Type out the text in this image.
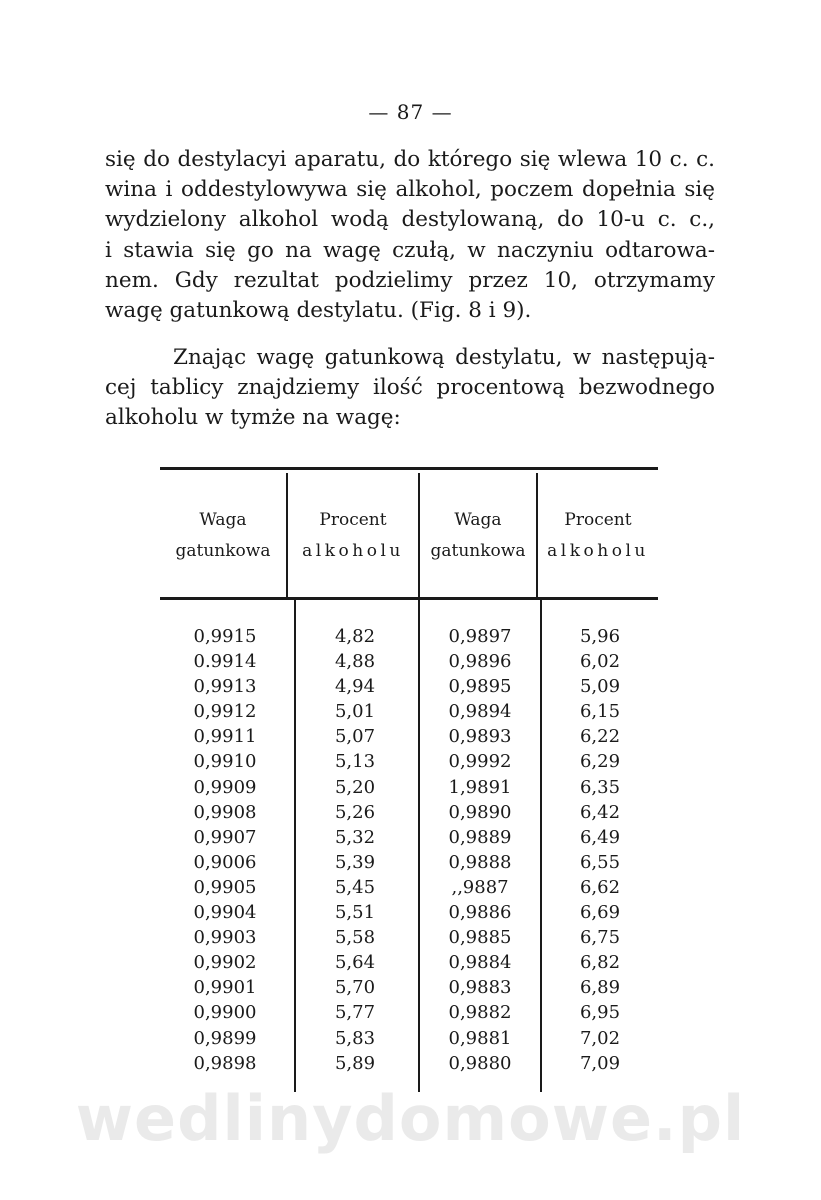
— 87 —
się do destylacyi aparatu, do którego się wlewa 10 c. c.
wina i oddestylowywa się alkohol, poczem dopełnia się
wydzielony alkohol wodą destylowaną, do 10-u c. c.,
i stawia się go na wagę czułą, w naczyniu odtarowa-
nem. Gdy rezultat podzielimy przez 10, otrzymamy
wagę gatunkową destylatu. (Fig. 8 i 9).
Znając wagę gatunkową destylatu, w następują-
cej tablicy znajdziemy ilość procentową bezwodnego
alkoholu w tymże na wagę:
Waga
gatunkowa
Procent
alkoholu
Waga
gatunkowa
Procent
alkoholu
0,9915
0.9914
0,9913
0,9912
0,9911
0,9910
0,9909
0,9908
0,9907
0,9006
0,9905
0,9904
0,9903
0,9902
0,9901
0,9900
0,9899
0,9898
4,82
4,88
4,94
5,01
5,07
5,13
5,20
5,26
5,32
5,39
5,45
5,51
5,58
5,64
5,70
5,77
5,83
5,89
0,9897
0,9896
0,9895
0,9894
0,9893
0,9992
1,9891
0,9890
0,9889
0,9888
‚‚9887
0,9886
0,9885
0,9884
0,9883
0,9882
0,9881
0,9880
5,96
6,02
5,09
6,15
6,22
6,29
6,35
6,42
6,49
6,55
6,62
6,69
6,75
6,82
6,89
6,95
7,02
7,09
wedlinydomowe.pl
